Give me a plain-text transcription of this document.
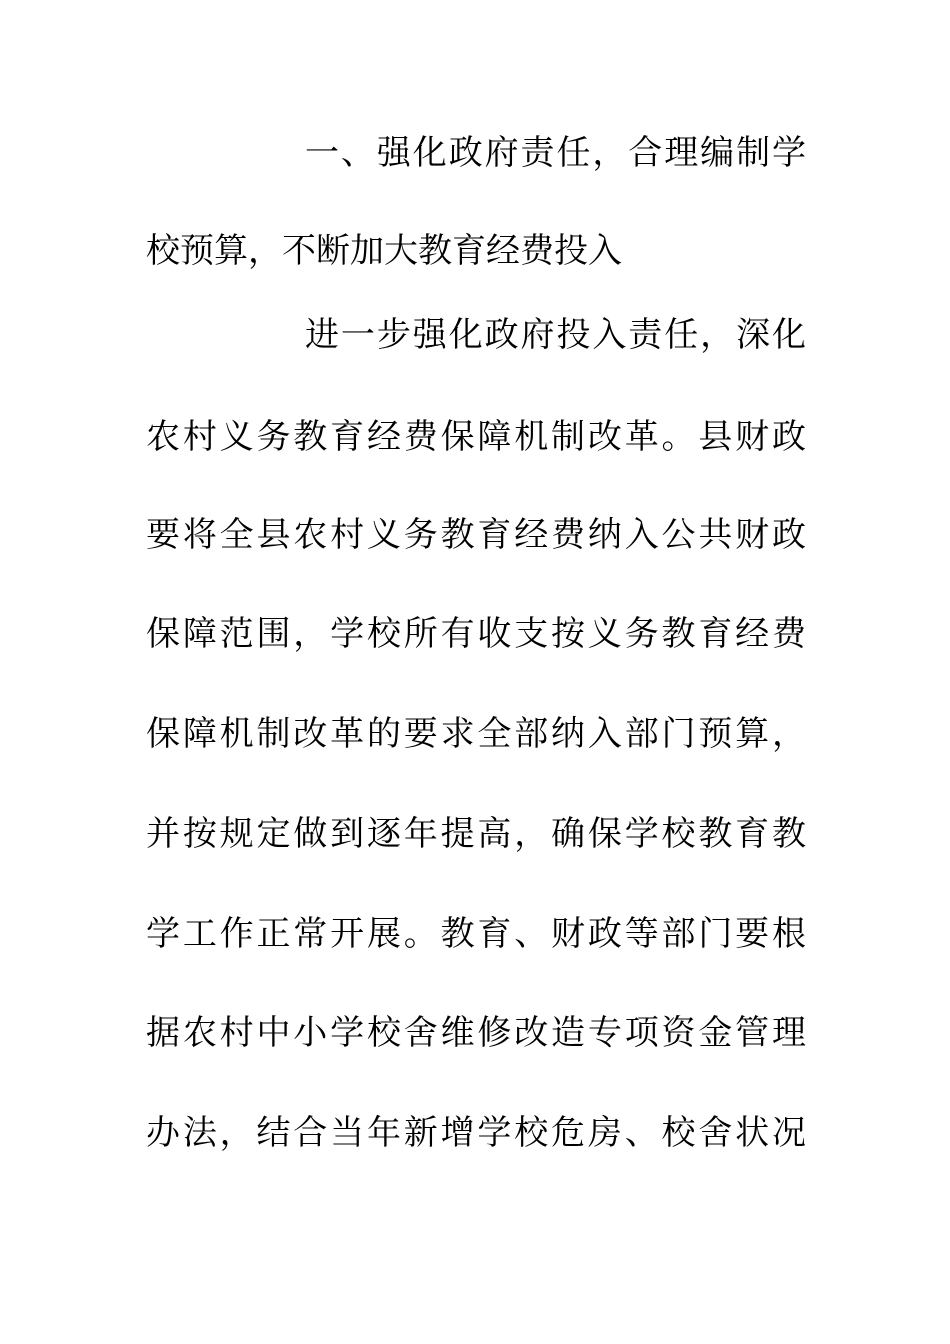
一、强化政府责任，合理编制学
校预算，不断加大教育经费投入
进一步强化政府投入责任，深化
农村义务教育经费保障机制改革。县财政
要将全县农村义务教育经费纳入公共财政
保障范围，学校所有收支按义务教育经费
保障机制改革的要求全部纳入部门预算，
并按规定做到逐年提高，确保学校教育教
学工作正常开展。教育、财政等部门要根
据农村中小学校舍维修改造专项资金管理
办法，结合当年新增学校危房、校舍状况
